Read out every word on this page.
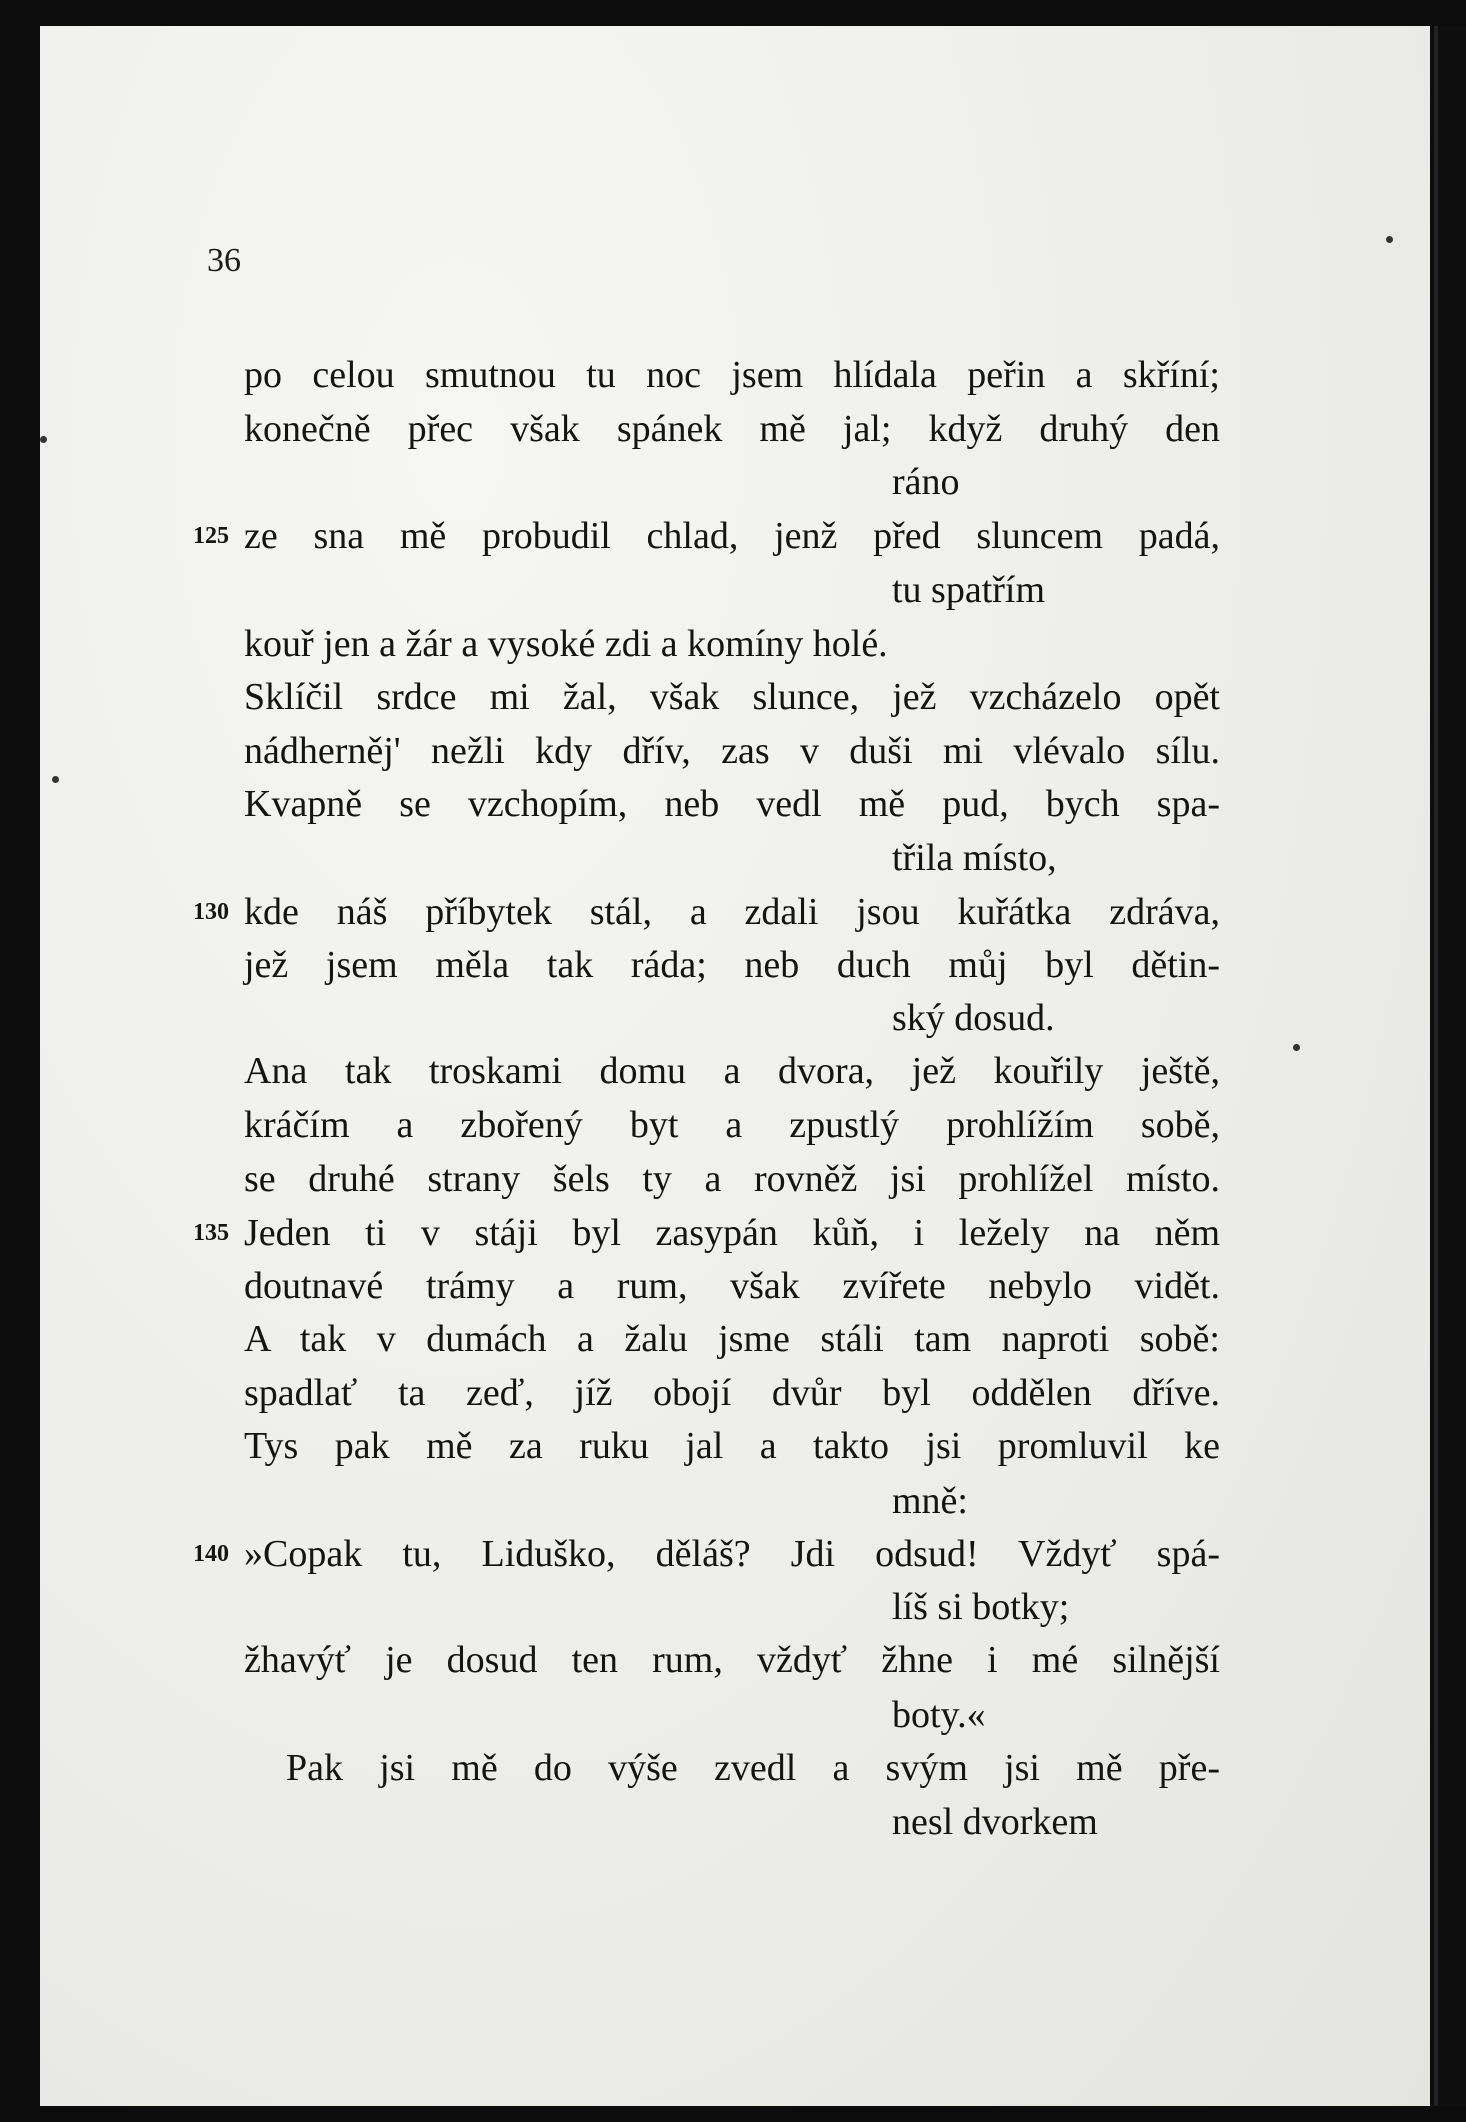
36
po celou smutnou tu noc jsem hlídala peřin a skříní;
konečně přec však spánek mě jal; když druhý den
ráno
125 ze sna mě probudil chlad, jenž před sluncem padá,
tu spatřím
kouř jen a žár a vysoké zdi a komíny holé.
Sklíčil srdce mi žal, však slunce, jež vzcházelo opět
nádherněj' nežli kdy dřív, zas v duši mi vlévalo sílu.
Kvapně se vzchopím, neb vedl mě pud, bych spa-
třila místo,
130 kde náš příbytek stál, a zdali jsou kuřátka zdráva,
jež jsem měla tak ráda; neb duch můj byl dětin-
ský dosud.
Ana tak troskami domu a dvora, jež kouřily ještě,
kráčím a zbořený byt a zpustlý prohlížím sobě,
se druhé strany šels ty a rovněž jsi prohlížel místo.
135 Jeden ti v stáji byl zasypán kůň, i ležely na něm
doutnavé trámy a rum, však zvířete nebylo vidět.
A tak v dumách a žalu jsme stáli tam naproti sobě:
spadlať ta zeď, jíž obojí dvůr byl oddělen dříve.
Tys pak mě za ruku jal a takto jsi promluvil ke
mně:
140 »Copak tu, Liduško, děláš? Jdi odsud! Vždyť spá-
líš si botky;
žhavýť je dosud ten rum, vždyť žhne i mé silnější
boty.«
Pak jsi mě do výše zvedl a svým jsi mě pře-
nesl dvorkem
